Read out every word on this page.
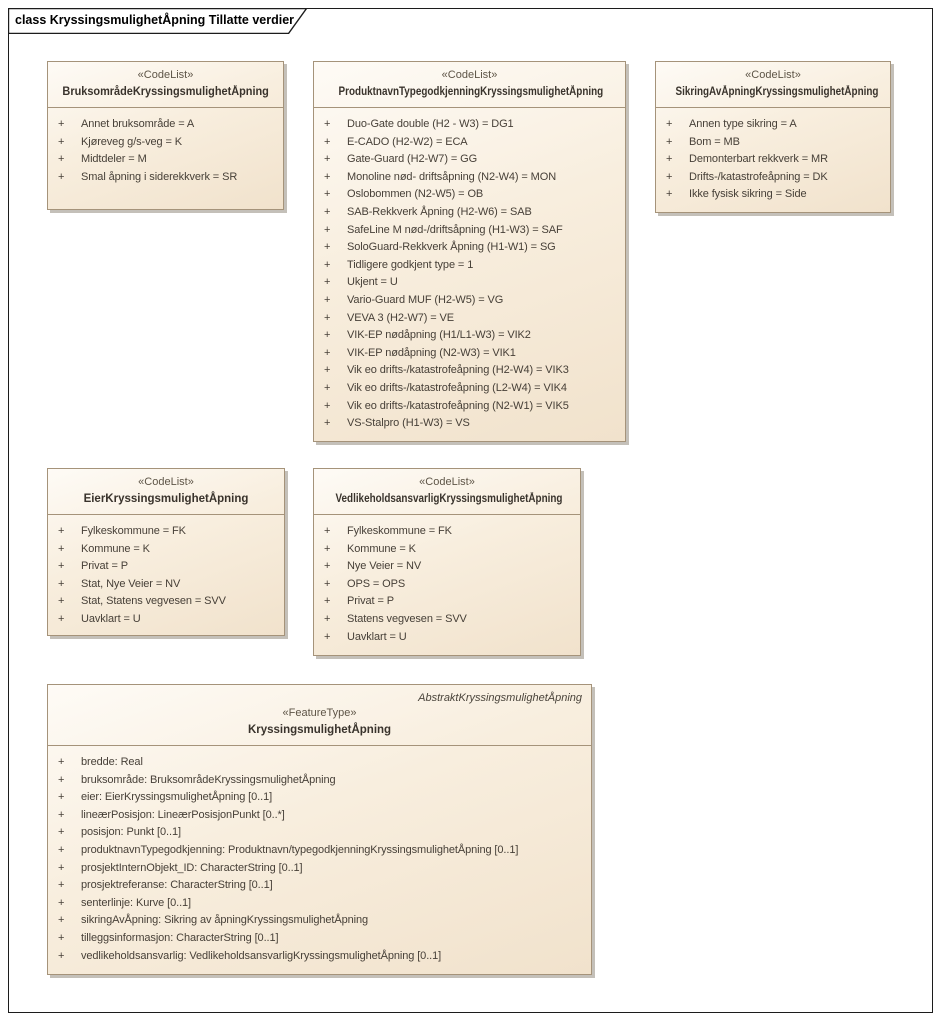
class KryssingsmulighetÅpning Tillatte verdier
«CodeList»
BruksområdeKryssingsmulighetÅpning
+	Annet bruksområde = A
+	Kjøreveg g/s-veg = K
+	Midtdeler = M
+	Smal åpning i siderekkverk = SR
«CodeList»
ProduktnavnTypegodkjenningKryssingsmulighetÅpning
+	Duo-Gate double (H2 - W3) = DG1
+	E-CADO (H2-W2) = ECA
+	Gate-Guard (H2-W7) = GG
+	Monoline nød- driftsåpning (N2-W4) = MON
+	Oslobommen (N2-W5) = OB
+	SAB-Rekkverk Åpning (H2-W6) = SAB
+	SafeLine M nød-/driftsåpning (H1-W3) = SAF
+	SoloGuard-Rekkverk Åpning (H1-W1) = SG
+	Tidligere godkjent type = 1
+	Ukjent = U
+	Vario-Guard MUF (H2-W5) = VG
+	VEVA 3 (H2-W7) = VE
+	VIK-EP nødåpning (H1/L1-W3) = VIK2
+	VIK-EP nødåpning (N2-W3) = VIK1
+	Vik eo drifts-/katastrofeåpning (H2-W4) = VIK3
+	Vik eo drifts-/katastrofeåpning (L2-W4) = VIK4
+	Vik eo drifts-/katastrofeåpning (N2-W1) = VIK5
+	VS-Stalpro (H1-W3) = VS
«CodeList»
SikringAvÅpningKryssingsmulighetÅpning
+	Annen type sikring = A
+	Bom = MB
+	Demonterbart rekkverk = MR
+	Drifts-/katastrofeåpning = DK
+	Ikke fysisk sikring = Side
«CodeList»
EierKryssingsmulighetÅpning
+	Fylkeskommune = FK
+	Kommune = K
+	Privat = P
+	Stat, Nye Veier = NV
+	Stat, Statens vegvesen = SVV
+	Uavklart = U
«CodeList»
VedlikeholdsansvarligKryssingsmulighetÅpning
+	Fylkeskommune = FK
+	Kommune = K
+	Nye Veier = NV
+	OPS = OPS
+	Privat = P
+	Statens vegvesen = SVV
+	Uavklart = U
AbstraktKryssingsmulighetÅpning
«FeatureType»
KryssingsmulighetÅpning
+	bredde: Real
+	bruksområde: BruksområdeKryssingsmulighetÅpning
+	eier: EierKryssingsmulighetÅpning [0..1]
+	lineærPosisjon: LineærPosisjonPunkt [0..*]
+	posisjon: Punkt [0..1]
+	produktnavnTypegodkjenning: Produktnavn/typegodkjenningKryssingsmulighetÅpning [0..1]
+	prosjektInternObjekt_ID: CharacterString [0..1]
+	prosjektreferanse: CharacterString [0..1]
+	senterlinje: Kurve [0..1]
+	sikringAvÅpning: Sikring av åpningKryssingsmulighetÅpning
+	tilleggsinformasjon: CharacterString [0..1]
+	vedlikeholdsansvarlig: VedlikeholdsansvarligKryssingsmulighetÅpning [0..1]
